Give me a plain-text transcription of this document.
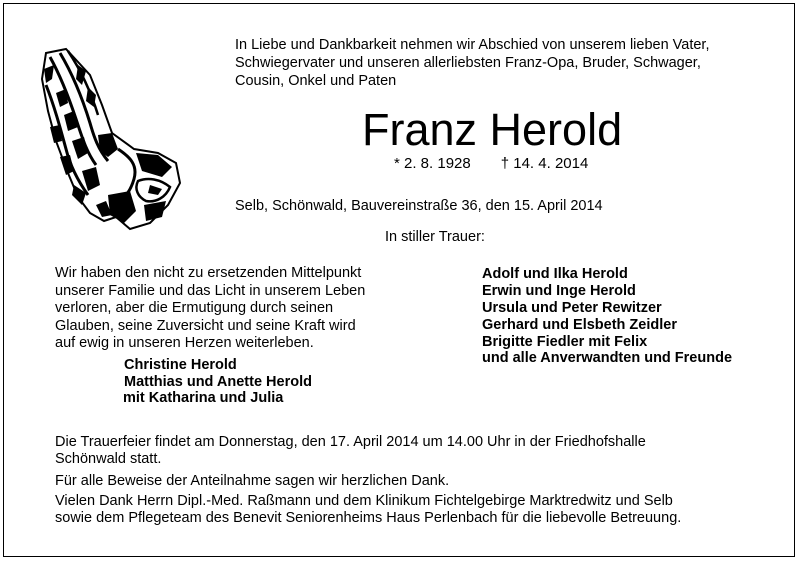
In Liebe und Dankbarkeit nehmen wir Abschied von unserem lieben Vater,
Schwiegervater und unseren allerliebsten Franz-Opa, Bruder, Schwager,
Cousin, Onkel und Paten
Franz Herold
* 2. 8. 1928 † 14. 4. 2014
Selb, Schönwald, Bauvereinstraße 36, den 15. April 2014
In stiller Trauer:

Wir haben den nicht zu ersetzenden Mittelpunkt

unserer Familie und das Licht in unserem Leben

verloren, aber die Ermutigung durch seinen

Glauben, seine Zuversicht und seine Kraft wird

auf ewig in unseren Herzen weiterleben.

Christine Herold
Matthias und Anette Herold
mit Katharina und Julia
Adolf und Ilka Herold
Erwin und Inge Herold
Ursula und Peter Rewitzer
Gerhard und Elsbeth Zeidler
Brigitte Fiedler mit Felix
und alle Anverwandten und Freunde
Die Trauerfeier findet am Donnerstag, den 17. April 2014 um 14.00 Uhr in der Friedhofshalle
Schönwald statt.
Für alle Beweise der Anteilnahme sagen wir herzlichen Dank.
Vielen Dank Herrn Dipl.-Med. Raßmann und dem Klinikum Fichtelgebirge Marktredwitz und Selb
sowie dem Pflegeteam des Benevit Seniorenheims Haus Perlenbach für die liebevolle Betreuung.
